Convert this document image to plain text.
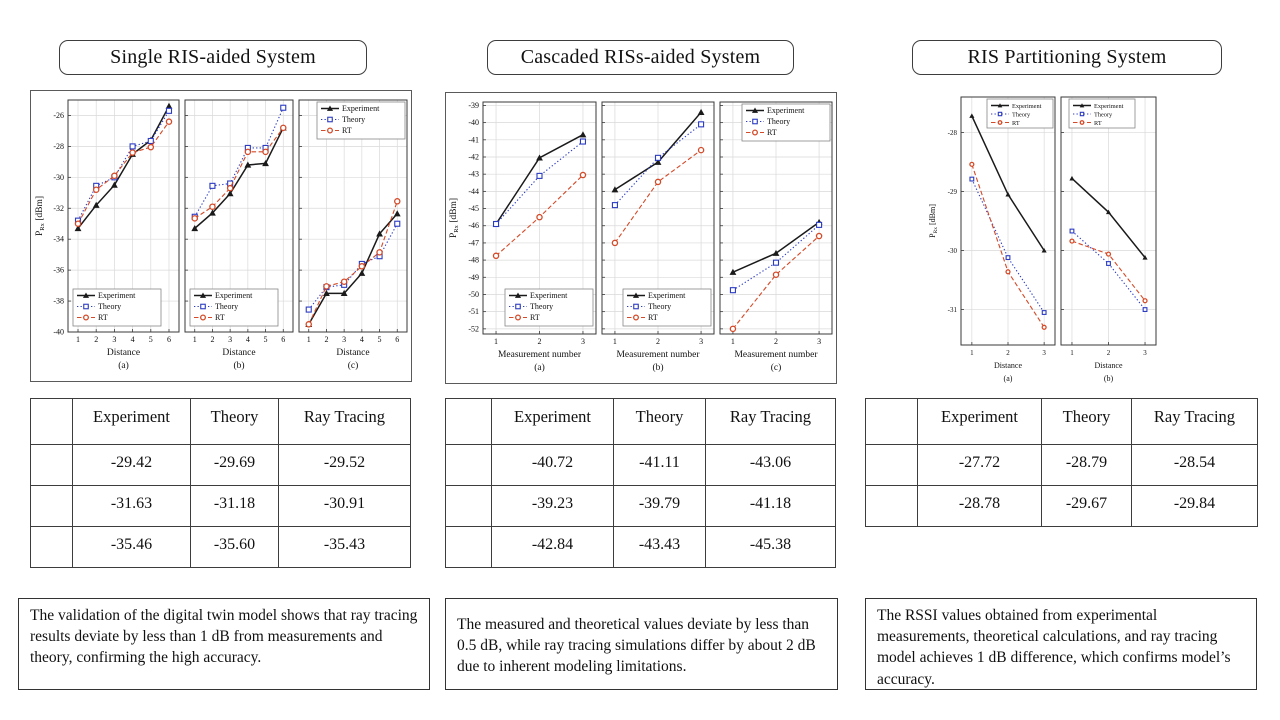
Single RIS-aided System
1 2 3 4 5 6
-26
-28
-30
-32
-34
-36
-38
-40
Distance
(a)
$P_{Rx}$ [dBm]
Experiment
Theory
RT
1 2 3 4 5 6
Distance
(b)
Experiment
Theory
RT
1 2 3 4 5 6
Distance
(c)
Experiment
Theory
RT
	Experiment	Theory	Ray Tracing
	-29.42	-29.69	-29.52
	-31.63	-31.18	-30.91
	-35.46	-35.60	-35.43

The validation of the digital twin model shows that ray tracing results deviate by less than 1 dB from measurements and theory, confirming the high accuracy.

Cascaded RISs-aided System
1	2	3
-39
-40
-41
-42
-43
-44
-45
-46
-47
-48
-49
-50
-51
-52
Measurement number
(a)
$P_{Rx}$ [dBm]
Experiment
Theory
RT
1	2	3
Measurement number
(b)
Experiment
Theory
RT
1	2	3
Measurement number
(c)
Experiment
Theory
RT
	Experiment	Theory	Ray Tracing
	-40.72	-41.11	-43.06
	-39.23	-39.79	-41.18
	-42.84	-43.43	-45.38

The measured and theoretical values deviate by less than 0.5 dB, while ray tracing simulations differ by about 2 dB due to inherent modeling limitations.

RIS Partitioning System
1	2	3
-28
-29
-30
-31
Distance
(a)
$P_{Rx}$ [dBm]
Experiment
Theory
RT
1	2	3
Distance
(b)
Experiment
Theory
RT
	Experiment	Theory	Ray Tracing
	-27.72	-28.79	-28.54
	-28.78	-29.67	-29.84

The RSSI values obtained from experimental measurements, theoretical calculations, and ray tracing model achieves 1 dB difference, which confirms model’s accuracy.
